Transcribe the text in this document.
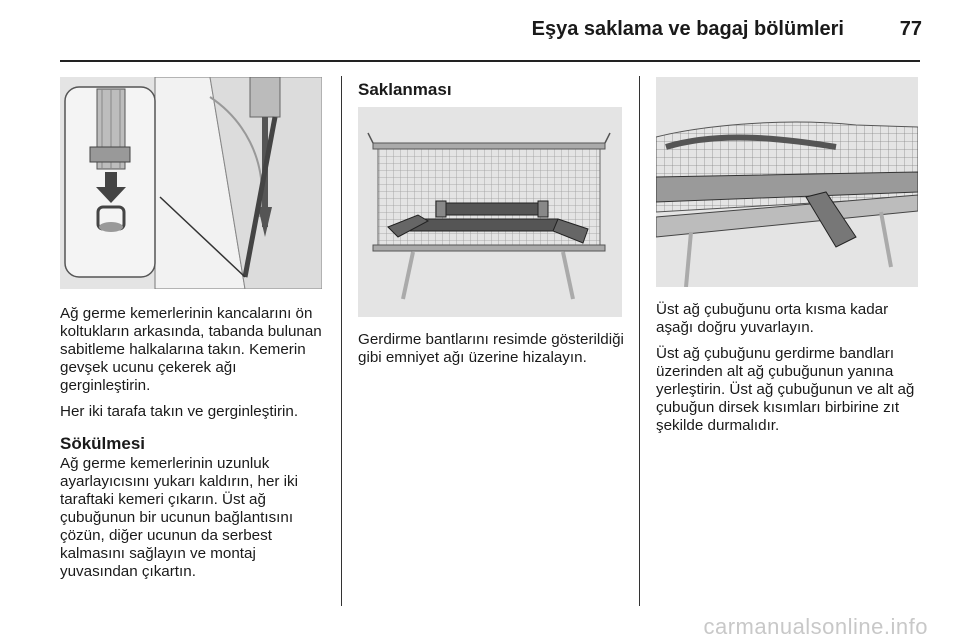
Eşya saklama ve bagaj bölümleri	77

Ağ germe kemerlerinin kancalarını ön koltukların arkasında, tabanda bulunan sabitleme halkalarına takın. Kemerin gevşek ucunu çekerek ağı gerginleştirin.

Her iki tarafa takın ve gerginleştirin.

Sökülmesi

Ağ germe kemerlerinin uzunluk ayarlayıcısını yukarı kaldırın, her iki taraftaki kemeri çıkarın. Üst ağ çubuğunun bir ucunun bağlantısını çözün, diğer ucunun da serbest kalmasını sağlayın ve montaj yuvasından çıkartın.

Saklanması

Gerdirme bantlarını resimde gösterildiği gibi emniyet ağı üzerine hizalayın.

Üst ağ çubuğunu orta kısma kadar aşağı doğru yuvarlayın.

Üst ağ çubuğunu gerdirme bandları üzerinden alt ağ çubuğunun yanına yerleştirin. Üst ağ çubuğunun ve alt ağ çubuğun dirsek kısımları birbirine zıt şekilde durmalıdır.

carmanualsonline.info
